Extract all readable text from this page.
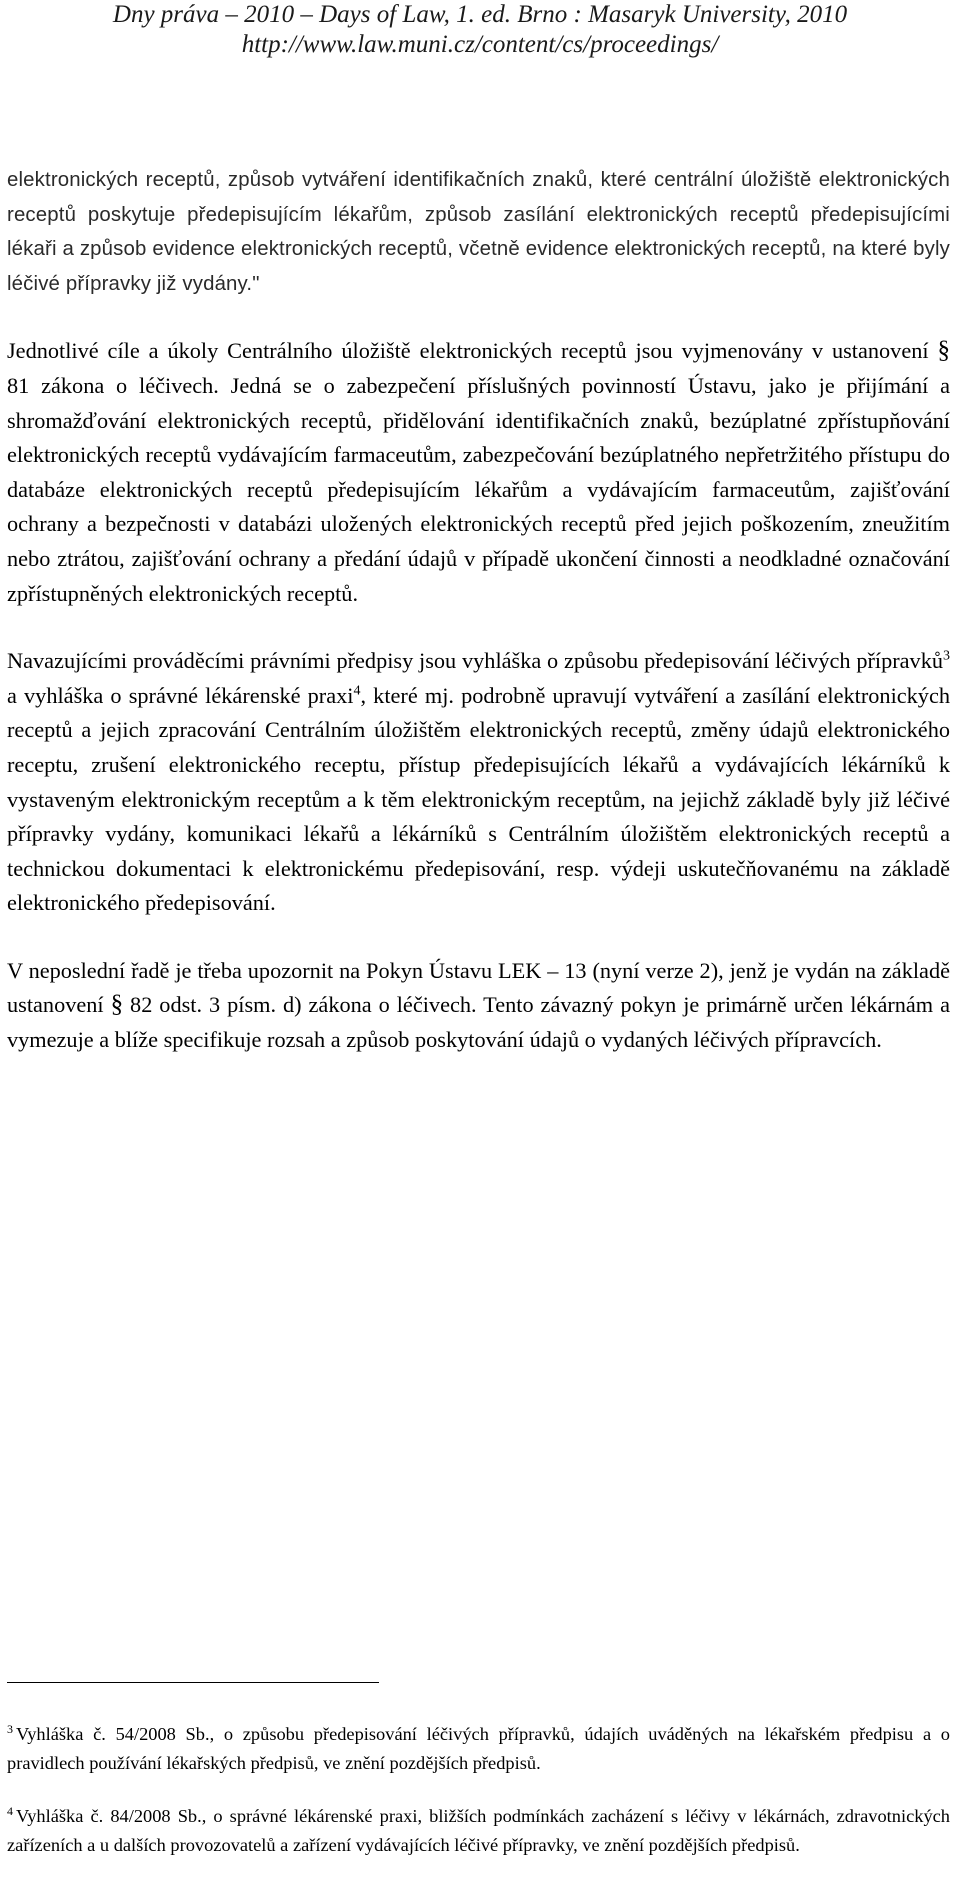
Dny práva – 2010 – Days of Law, 1. ed. Brno : Masaryk University, 2010
http://www.law.muni.cz/content/cs/proceedings/

elektronických receptů, způsob vytváření identifikačních znaků, které centrální úložiště elektronických receptů poskytuje předepisujícím lékařům, způsob zasílání elektronických receptů předepisujícími lékaři a způsob evidence elektronických receptů, včetně evidence elektronických receptů, na které byly léčivé přípravky již vydány."

Jednotlivé cíle a úkoly Centrálního úložiště elektronických receptů jsou vyjmenovány v ustanovení § 81 zákona o léčivech. Jedná se o zabezpečení příslušných povinností Ústavu, jako je přijímání a shromažďování elektronických receptů, přidělování identifikačních znaků, bezúplatné zpřístupňování elektronických receptů vydávajícím farmaceutům, zabezpečování bezúplatného nepřetržitého přístupu do databáze elektronických receptů předepisujícím lékařům a vydávajícím farmaceutům, zajišťování ochrany a bezpečnosti v databázi uložených elektronických receptů před jejich poškozením, zneužitím nebo ztrátou, zajišťování ochrany a předání údajů v případě ukončení činnosti a neodkladné označování zpřístupněných elektronických receptů.

Navazujícími prováděcími právními předpisy jsou vyhláška o způsobu předepisování léčivých přípravků$^3$ a vyhláška o správné lékárenské praxi$^4$, které mj. podrobně upravují vytváření a zasílání elektronických receptů a jejich zpracování Centrálním úložištěm elektronických receptů, změny údajů elektronického receptu, zrušení elektronického receptu, přístup předepisujících lékařů a vydávajících lékárníků k vystaveným elektronickým receptům a k těm elektronickým receptům, na jejichž základě byly již léčivé přípravky vydány, komunikaci lékařů a lékárníků s Centrálním úložištěm elektronických receptů a technickou dokumentaci k elektronickému předepisování, resp. výdeji uskutečňovanému na základě elektronického předepisování.

V neposlední řadě je třeba upozornit na Pokyn Ústavu LEK – 13 (nyní verze 2), jenž je vydán na základě ustanovení § 82 odst. 3 písm. d) zákona o léčivech. Tento závazný pokyn je primárně určen lékárnám a vymezuje a blíže specifikuje rozsah a způsob poskytování údajů o vydaných léčivých přípravcích.

$^3$ Vyhláška č. 54/2008 Sb., o způsobu předepisování léčivých přípravků, údajích uváděných na lékařském předpisu a o pravidlech používání lékařských předpisů, ve znění pozdějších předpisů.

$^4$ Vyhláška č. 84/2008 Sb., o správné lékárenské praxi, bližších podmínkách zacházení s léčivy v lékárnách, zdravotnických zařízeních a u dalších provozovatelů a zařízení vydávajících léčivé přípravky, ve znění pozdějších předpisů.
